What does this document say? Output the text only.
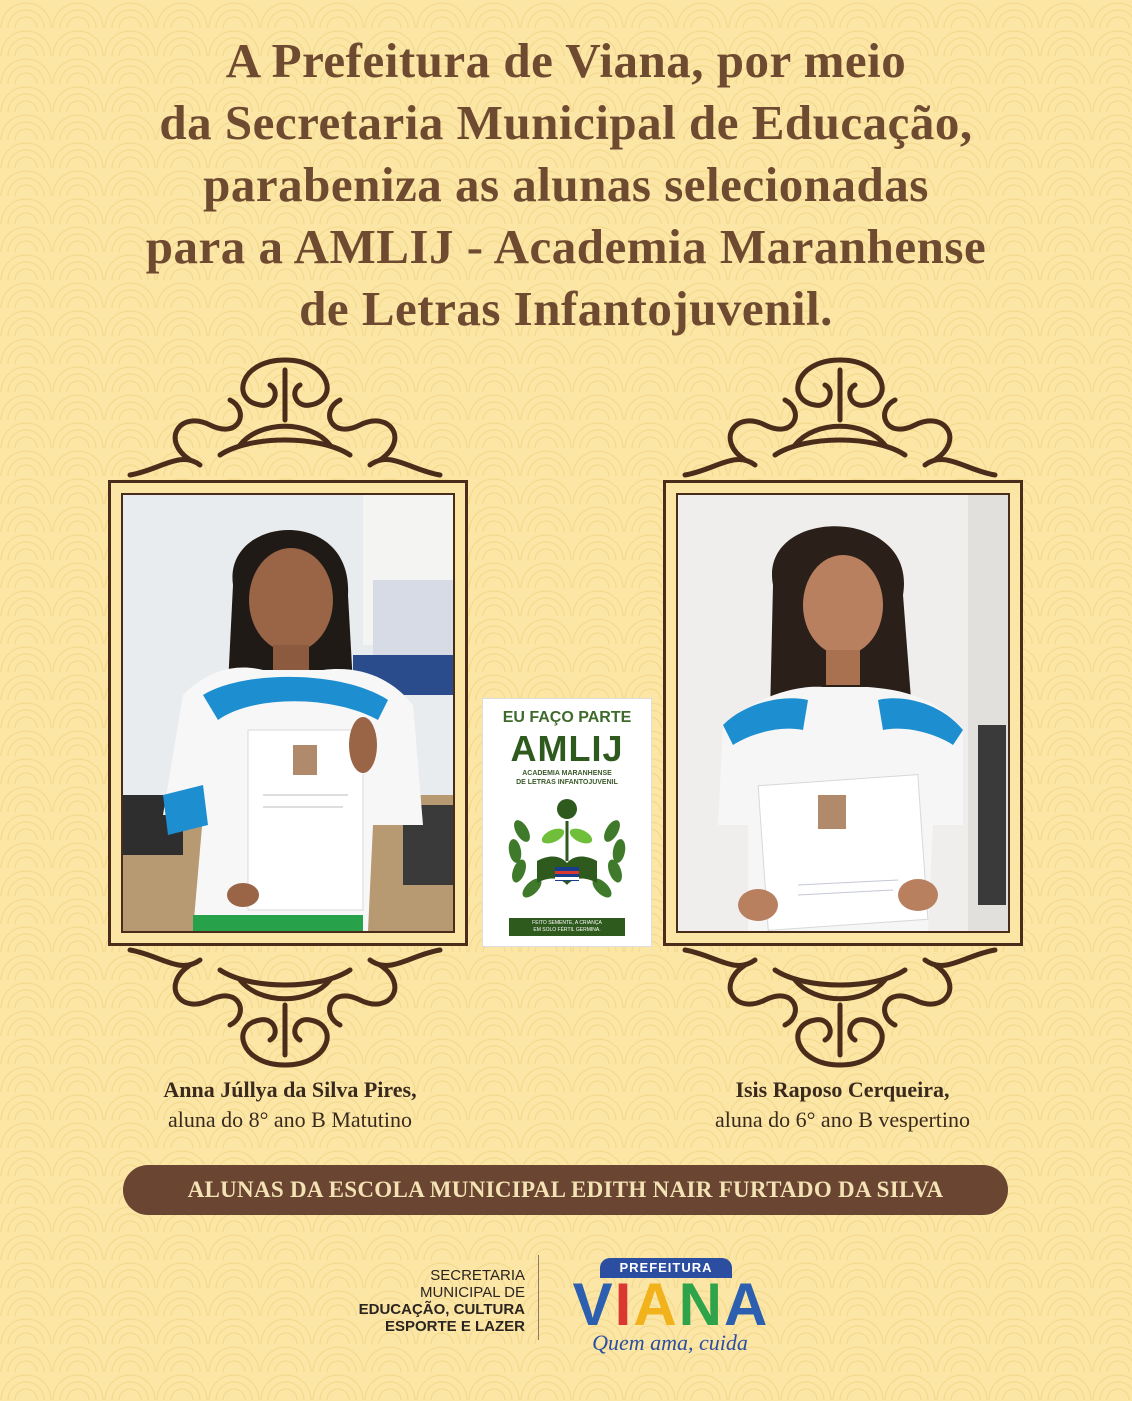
A Prefeitura de Viana, por meio
da Secretaria Municipal de Educação,
parabeniza as alunas selecionadas
para a AMLIJ - Academia Maranhense
de Letras Infantojuvenil.
EU FAÇO PARTE
AMLIJ
ACADEMIA MARANHENSE
DE LETRAS INFANTOJUVENIL
FEITO SEMENTE, A CRIANÇA
EM SOLO FÉRTIL GERMINA.
Anna Júllya da Silva Pires,
aluna do 8° ano B Matutino
Isis Raposo Cerqueira,
aluna do 6° ano B vespertino
ALUNAS DA ESCOLA MUNICIPAL EDITH NAIR FURTADO DA SILVA
SECRETARIA
MUNICIPAL DE
EDUCAÇÃO, CULTURA
ESPORTE E LAZER
PREFEITURA
VIANA
Quem ama, cuida
